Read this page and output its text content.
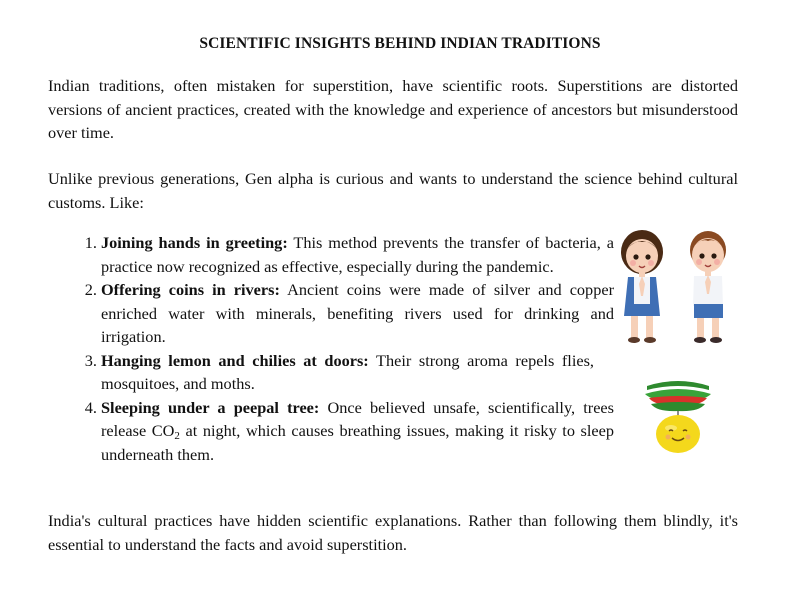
SCIENTIFIC INSIGHTS BEHIND INDIAN TRADITIONS

Indian traditions, often mistaken for superstition, have scientific roots. Superstitions are distorted versions of ancient practices, created with the knowledge and experience of ancestors but misunderstood over time.

Unlike previous generations, Gen alpha is curious and wants to understand the science behind cultural customs. Like:

1. Joining hands in greeting: This method prevents the transfer of bacteria, a practice now recognized as effective, especially during the pandemic.
2. Offering coins in rivers: Ancient coins were made of silver and copper enriched water with minerals, benefiting rivers used for drinking and irrigation.
3. Hanging lemon and chilies at doors: Their strong aroma repels flies, mosquitoes, and moths.
4. Sleeping under a peepal tree: Once believed unsafe, scientifically, trees release $CO_2$ at night, which causes breathing issues, making it risky to sleep underneath them.

India's cultural practices have hidden scientific explanations. Rather than following them blindly, it's essential to understand the facts and avoid superstition.
